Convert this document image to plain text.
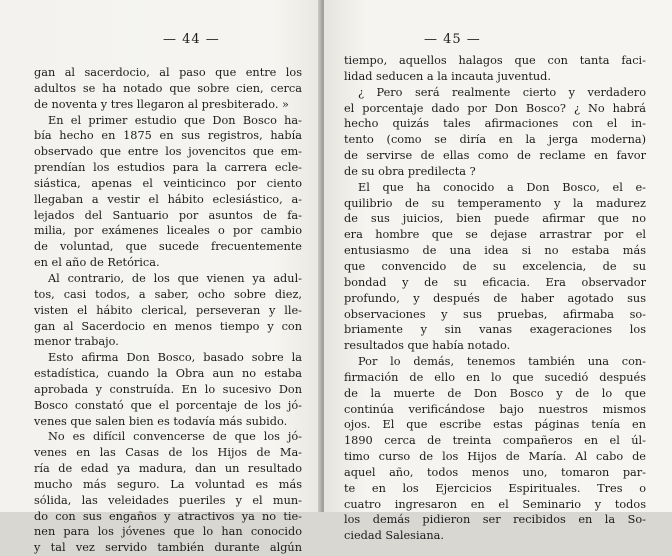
— 44 —
gan al sacerdocio, al paso que entre los
adultos se ha notado que sobre cien, cerca
de noventa y tres llegaron al presbiterado. »
En el primer estudio que Don Bosco ha-
bía hecho en 1875 en sus registros, había
observado que entre los jovencitos que em-
prendían los estudios para la carrera ecle-
siástica, apenas el veinticinco por ciento
llegaban a vestir el hábito eclesiástico, a-
lejados del Santuario por asuntos de fa-
milia, por exámenes liceales o por cambio
de voluntad, que sucede frecuentemente
en el año de Retórica.
Al contrario, de los que vienen ya adul-
tos, casi todos, a saber, ocho sobre diez,
visten el hábito clerical, perseveran y lle-
gan al Sacerdocio en menos tiempo y con
menor trabajo.
Esto afirma Don Bosco, basado sobre la
estadística, cuando la Obra aun no estaba
aprobada y construída. En lo sucesivo Don
Bosco constató que el porcentaje de los jó-
venes que salen bien es todavía más subido.
No es difícil convencerse de que los jó-
venes en las Casas de los Hijos de Ma-
ría de edad ya madura, dan un resultado
mucho más seguro. La voluntad es más
sólida, las veleidades pueriles y el mun-
do con sus engaños y atractivos ya no tie-
nen para los jóvenes que lo han conocido
y tal vez servido también durante algún
— 45 —
tiempo, aquellos halagos que con tanta faci-
lidad seducen a la incauta juventud.
¿ Pero será realmente cierto y verdadero
el porcentaje dado por Don Bosco? ¿ No habrá
hecho quizás tales afirmaciones con el in-
tento (como se diría en la jerga moderna)
de servirse de ellas como de reclame en favor
de su obra predilecta ?
El que ha conocido a Don Bosco, el e-
quilibrio de su temperamento y la madurez
de sus juicios, bien puede afirmar que no
era hombre que se dejase arrastrar por el
entusiasmo de una idea si no estaba más
que convencido de su excelencia, de su
bondad y de su eficacia. Era observador
profundo, y después de haber agotado sus
observaciones y sus pruebas, afirmaba so-
briamente y sin vanas exageraciones los
resultados que había notado.
Por lo demás, tenemos también una con-
firmación de ello en lo que sucedió después
de la muerte de Don Bosco y de lo que
continúa verificándose bajo nuestros mismos
ojos. El que escribe estas páginas tenía en
1890 cerca de treinta compañeros en el úl-
timo curso de los Hijos de María. Al cabo de
aquel año, todos menos uno, tomaron par-
te en los Ejercicios Espirituales. Tres o
cuatro ingresaron en el Seminario y todos
los demás pidieron ser recibidos en la So-
ciedad Salesiana.
